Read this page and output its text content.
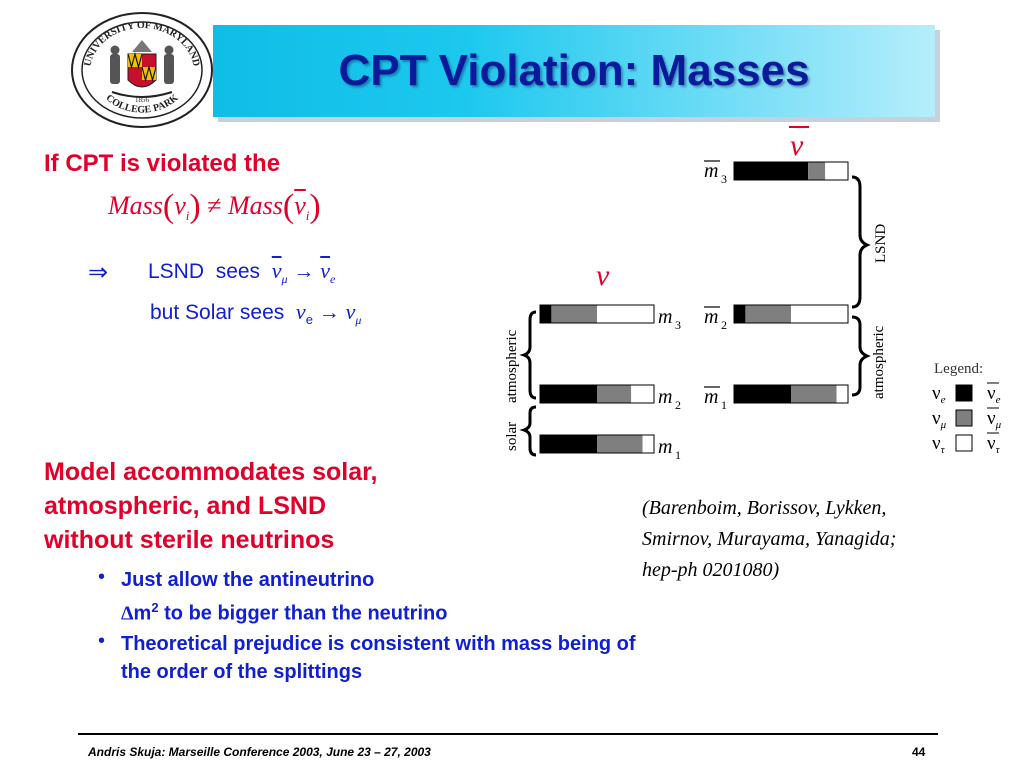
UNIVERSITY OF MARYLAND
COLLEGE PARK
1856
CPT Violation: Masses
If CPT is violated the
$Mass(\nu_i)$ ≠ $Mass(\overline{\nu}_i)$
⇒ LSND sees $\overline{\nu}_\mu \to \overline{\nu}_e$
but Solar sees $\nu_e \to \nu_\mu$
Model accommodates solar,
atmospheric, and LSND
without sterile neutrinos
• Just allow the antineutrino
$\Delta m^2$ to be bigger than the neutrino
• Theoretical prejudice is consistent with mass being of
the order of the splittings
(Barenboim, Borissov, Lykken,
Smirnov, Murayama, Yanagida;
hep-ph 0201080)
ν
ν
m 3
m 2
m 1
m 3
m 2
m 1
atmospheric
solar
LSND
atmospheric	Legend:
$\nu_e$ $\nu_e$
$\nu_\mu$ $\nu_\mu$
$\nu_\tau$ $\nu_\tau$
Andris Skuja: Marseille Conference 2003, June 23 – 27, 2003	44
